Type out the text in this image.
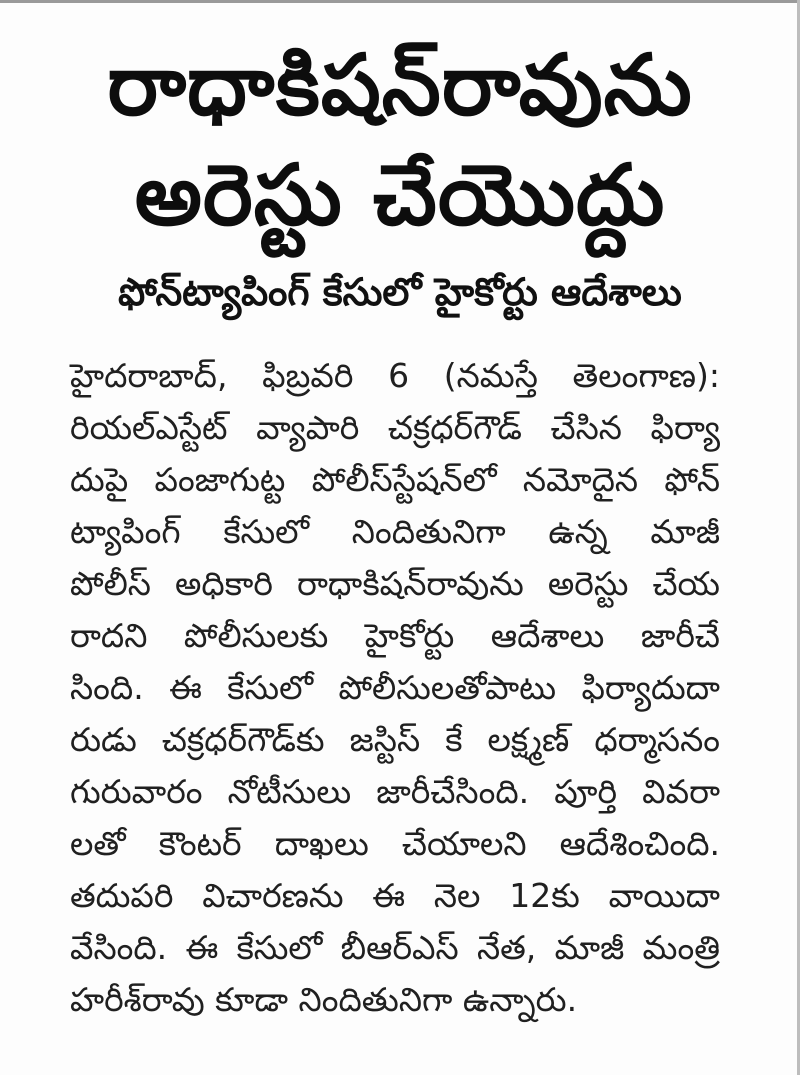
రాధాకిషన్‌రావును
అరెస్టు చేయొద్దు
ఫోన్‌ట్యాపింగ్ కేసులో హైకోర్టు ఆదేశాలు
హైదరాబాద్, ఫిబ్రవరి 6 (నమస్తే తెలంగాణ):
రియల్‌ఎస్టేట్ వ్యాపారి చక్రధర్‌గౌడ్ చేసిన ఫిర్యా
దుపై పంజాగుట్ట పోలీస్‌స్టేషన్‌లో నమోదైన ఫోన్
ట్యాపింగ్ కేసులో నిందితునిగా ఉన్న మాజీ
పోలీస్ అధికారి రాధాకిషన్‌రావును అరెస్టు చేయ
రాదని పోలీసులకు హైకోర్టు ఆదేశాలు జారీచే
సింది. ఈ కేసులో పోలీసులతోపాటు ఫిర్యాదుదా
రుడు చక్రధర్‌గౌడ్‌కు జస్టిస్ కే లక్ష్మణ్ ధర్మాసనం
గురువారం నోటీసులు జారీచేసింది. పూర్తి వివరా
లతో కౌంటర్ దాఖలు చేయాలని ఆదేశించింది.
తదుపరి విచారణను ఈ నెల 12కు వాయిదా
వేసింది. ఈ కేసులో బీఆర్‌ఎస్ నేత, మాజీ మంత్రి
హరీశ్‌రావు కూడా నిందితునిగా ఉన్నారు.
